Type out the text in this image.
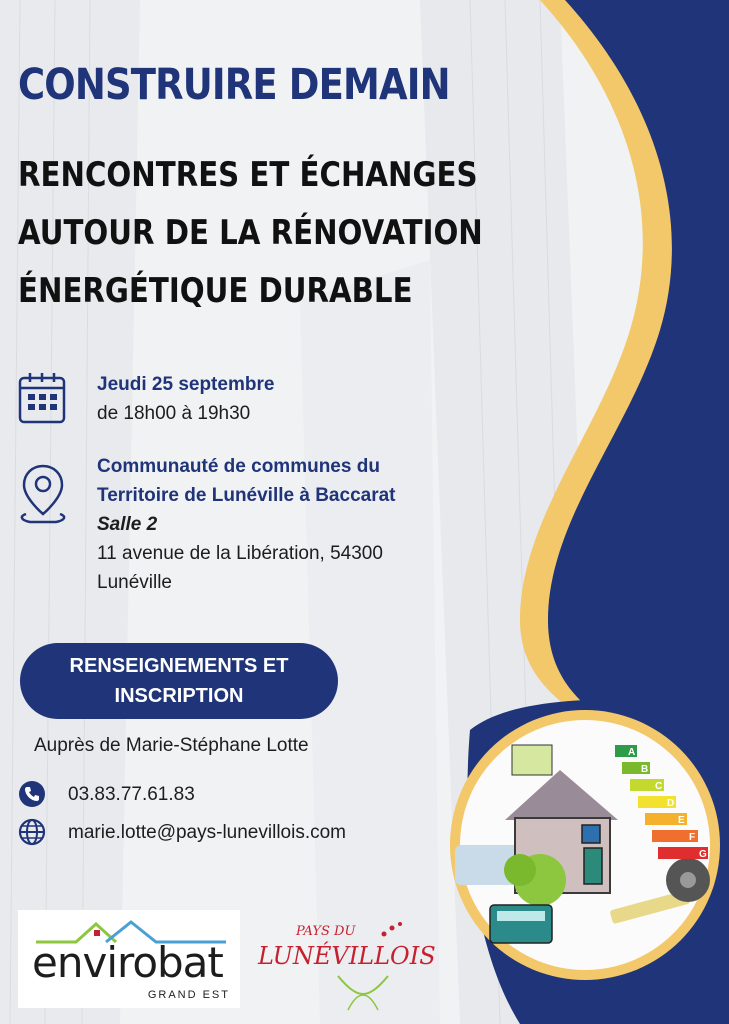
A
B
C
D
E
F
G
CONSTRUIRE DEMAIN
RENCONTRES ET ÉCHANGES
AUTOUR DE LA RÉNOVATION
ÉNERGÉTIQUE DURABLE
Jeudi 25 septembre
de 18h00 à 19h30
Communauté de communes du
Territoire de Lunéville à Baccarat
Salle 2
11 avenue de la Libération, 54300
Lunéville
RENSEIGNEMENTS ET
INSCRIPTION
Auprès de Marie-Stéphane Lotte
03.83.77.61.83
marie.lotte@pays-lunevillois.com
envirobat
GRAND EST
PAYS DU
LUNÉVILLOIS
